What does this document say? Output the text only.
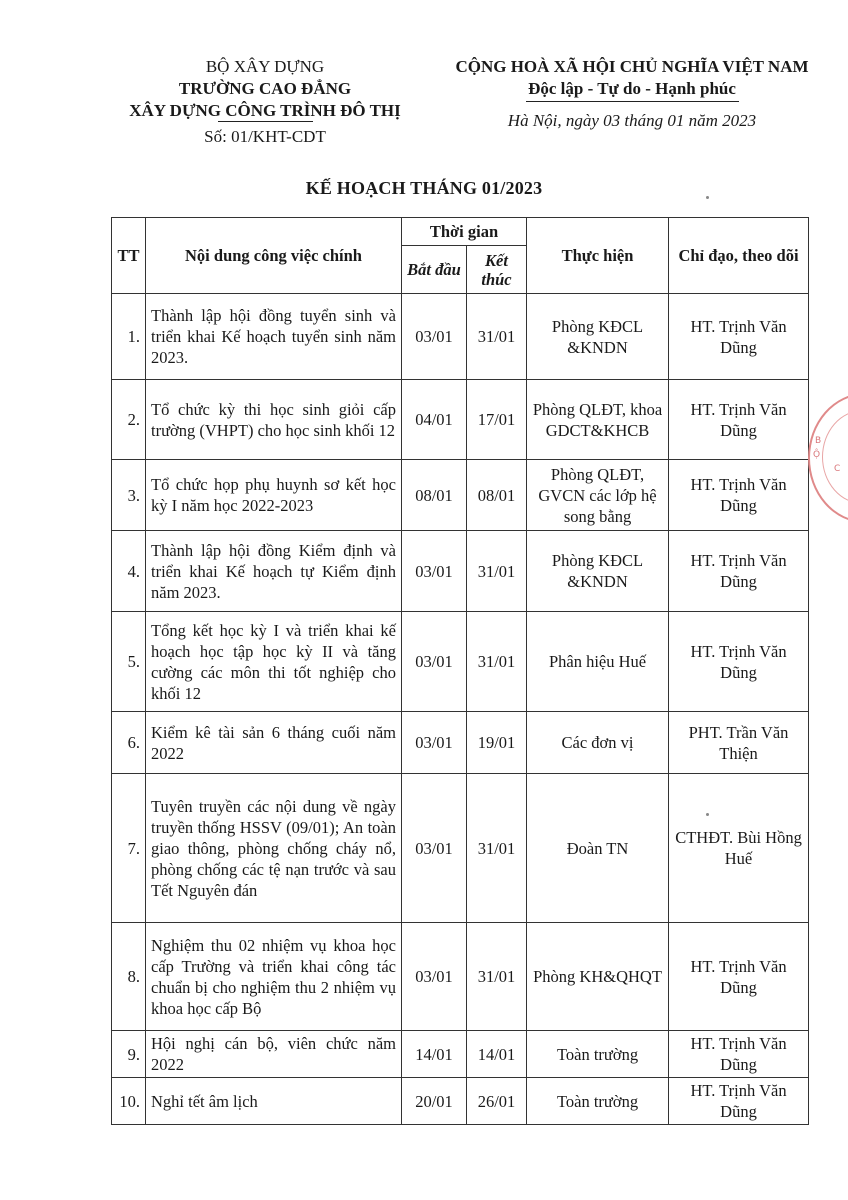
BỘ XÂY DỰNG
TRƯỜNG CAO ĐẲNG
XÂY DỰNG CÔNG TRÌNH ĐÔ THỊ
Số: 01/KHT-CDT
CỘNG HOÀ XÃ HỘI CHỦ NGHĨA VIỆT NAM
Độc lập - Tự do - Hạnh phúc
Hà Nội, ngày 03 tháng 01 năm 2023
KẾ HOẠCH THÁNG 01/2023
TT	Nội dung công việc chính	Thời gian		Thực hiện	Chỉ đạo, theo dõi
		Bắt đầu	Kết thúc		
1.	Thành lập hội đồng tuyển sinh và triển khai Kế hoạch tuyển sinh năm 2023.	03/01	31/01	Phòng KĐCL &KNDN	HT. Trịnh Văn Dũng
2.	Tổ chức kỳ thi học sinh giỏi cấp trường (VHPT) cho học sinh khối 12	04/01	17/01	Phòng QLĐT, khoa GDCT&KHCB	HT. Trịnh Văn Dũng
3.	Tổ chức họp phụ huynh sơ kết học kỳ I năm học 2022-2023	08/01	08/01	Phòng QLĐT, GVCN các lớp hệ song bằng	HT. Trịnh Văn Dũng
4.	Thành lập hội đồng Kiểm định và triển khai Kế hoạch tự Kiểm định năm 2023.	03/01	31/01	Phòng KĐCL &KNDN	HT. Trịnh Văn Dũng
5.	Tổng kết học kỳ I và triển khai kế hoạch học tập học kỳ II và tăng cường các môn thi tốt nghiệp cho khối 12	03/01	31/01	Phân hiệu Huế	HT. Trịnh Văn Dũng
6.	Kiểm kê tài sản 6 tháng cuối năm 2022	03/01	19/01	Các đơn vị	PHT. Trần Văn Thiện
7.	Tuyên truyền các nội dung về ngày truyền thống HSSV (09/01); An toàn giao thông, phòng chống cháy nổ, phòng chống các tệ nạn trước và sau Tết Nguyên đán	03/01	31/01	Đoàn TN	CTHĐT. Bùi Hồng Huế
8.	Nghiệm thu 02 nhiệm vụ khoa học cấp Trường và triển khai công tác chuẩn bị cho nghiệm thu 2 nhiệm vụ khoa học cấp Bộ	03/01	31/01	Phòng KH&QHQT	HT. Trịnh Văn Dũng
9.	Hội nghị cán bộ, viên chức năm 2022	14/01	14/01	Toàn trường	HT. Trịnh Văn Dũng
10.	Nghỉ tết âm lịch	20/01	26/01	Toàn trường	HT. Trịnh Văn Dũng
B
Ộ
C
